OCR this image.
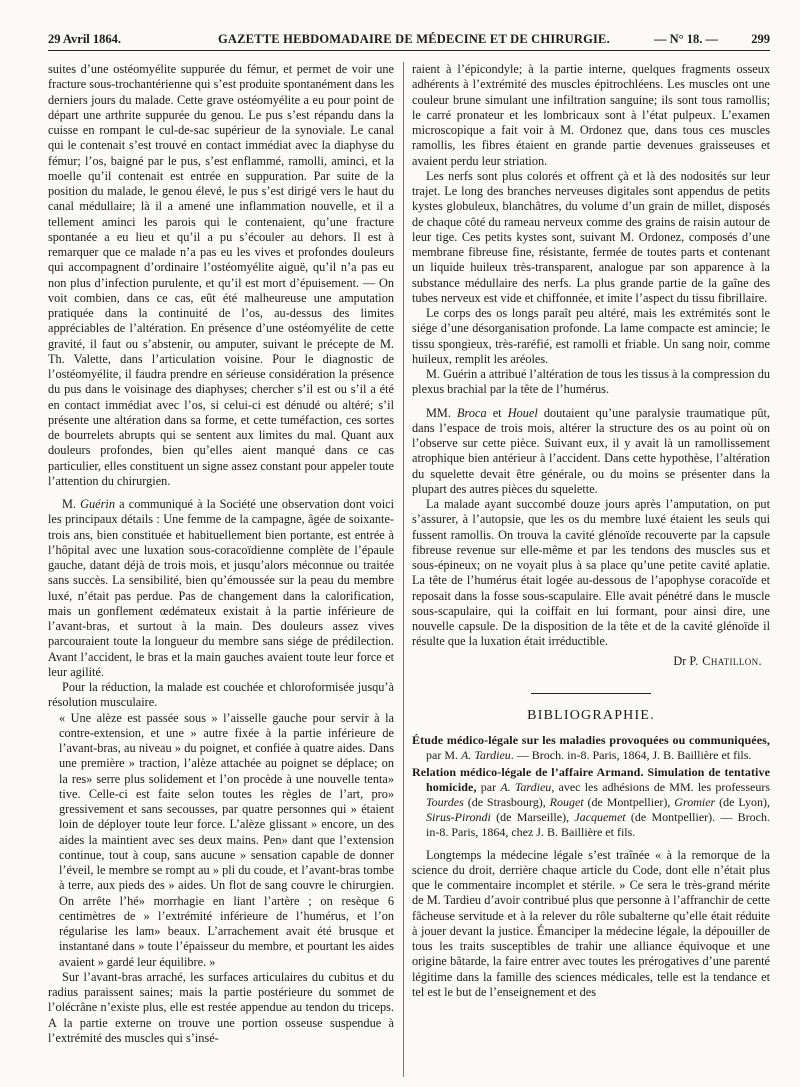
29 Avril 1864.	GAZETTE HEBDOMADAIRE DE MÉDECINE ET DE CHIRURGIE.	— N° 18. —	299

suites d’une ostéomyélite suppurée du fémur, et permet de voir une fracture sous-trochantérienne qui s’est produite spontanément dans les derniers jours du malade. Cette grave ostéomyélite a eu pour point de départ une arthrite suppurée du genou. Le pus s’est répandu dans la cuisse en rompant le cul-de-sac supérieur de la synoviale. Le canal qui le contenait s’est trouvé en contact immédiat avec la diaphyse du fémur; l’os, baigné par le pus, s’est enflammé, ramolli, aminci, et la moelle qu’il contenait est entrée en suppuration. Par suite de la position du malade, le genou élevé, le pus s’est dirigé vers le haut du canal médullaire; là il a amené une inflammation nouvelle, et il a tellement aminci les parois qui le contenaient, qu’une fracture spontanée a eu lieu et qu’il a pu s’écouler au dehors. Il est à remarquer que ce malade n’a pas eu les vives et profondes douleurs qui accompagnent d’ordinaire l’ostéomyélite aiguë, qu’il n’a pas eu non plus d’infection purulente, et qu’il est mort d’épuisement. — On voit combien, dans ce cas, eût été malheureuse une amputation pratiquée dans la continuité de l’os, au-dessus des limites appréciables de l’altération. En présence d’une ostéomyélite de cette gravité, il faut ou s’abstenir, ou amputer, suivant le précepte de M. Th. Valette, dans l’articulation voisine. Pour le diagnostic de l’ostéomyélite, il faudra prendre en sérieuse considération la présence du pus dans le voisinage des diaphyses; chercher s’il est ou s’il a été en contact immédiat avec l’os, si celui-ci est dénudé ou altéré; s’il présente une altération dans sa forme, et cette tuméfaction, ces sortes de bourrelets abrupts qui se sentent aux limites du mal. Quant aux douleurs profondes, bien qu’elles aient manqué dans ce cas particulier, elles constituent un signe assez constant pour appeler toute l’attention du chirurgien.

M. Guérin a communiqué à la Société une observation dont voici les principaux détails : Une femme de la campagne, âgée de soixante-trois ans, bien constituée et habituellement bien portante, est entrée à l’hôpital avec une luxation sous-coracoïdienne complète de l’épaule gauche, datant déjà de trois mois, et jusqu’alors méconnue ou traitée sans succès. La sensibilité, bien qu’émoussée sur la peau du membre luxé, n’était pas perdue. Pas de changement dans la calorification, mais un gonflement œdémateux existait à la partie inférieure de l’avant-bras, et surtout à la main. Des douleurs assez vives parcouraient toute la longueur du membre sans siége de prédilection. Avant l’accident, le bras et la main gauches avaient toute leur force et leur agilité.

Pour la réduction, la malade est couchée et chloroformisée jusqu’à résolution musculaire.

« Une alèze est passée sous » l’aisselle gauche pour servir à la contre-extension, et une » autre fixée à la partie inférieure de l’avant-bras, au niveau » du poignet, et confiée à quatre aides. Dans une première » traction, l’alèze attachée au poignet se déplace; on la res» serre plus solidement et l’on procède à une nouvelle tenta» tive. Celle-ci est faite selon toutes les règles de l’art, pro» gressivement et sans secousses, par quatre personnes qui » étaient loin de déployer toute leur force. L’alèze glissant » encore, un des aides la maintient avec ses deux mains. Pen» dant que l’extension continue, tout à coup, sans aucune » sensation capable de donner l’éveil, le membre se rompt au » pli du coude, et l’avant-bras tombe à terre, aux pieds des » aides. Un flot de sang couvre le chirurgien. On arrête l’hé» morrhagie en liant l’artère ; on resèque 6 centimètres de » l’extrémité inférieure de l’humérus, et l’on régularise les lam» beaux. L’arrachement avait été brusque et instantané dans » toute l’épaisseur du membre, et pourtant les aides avaient » gardé leur équilibre. »

Sur l’avant-bras arraché, les surfaces articulaires du cubitus et du radius paraissent saines; mais la partie postérieure du sommet de l’olécrâne n’existe plus, elle est restée appendue au tendon du triceps. A la partie externe on trouve une portion osseuse suspendue à l’extrémité des muscles qui s’insé-

raient à l’épicondyle; à la partie interne, quelques fragments osseux adhérents à l’extrémité des muscles épitrochléens. Les muscles ont une couleur brune simulant une infiltration sanguine; ils sont tous ramollis; le carré pronateur et les lombricaux sont à l’état pulpeux. L’examen microscopique a fait voir à M. Ordonez que, dans tous ces muscles ramollis, les fibres étaient en grande partie devenues graisseuses et avaient perdu leur striation.

Les nerfs sont plus colorés et offrent çà et là des nodosités sur leur trajet. Le long des branches nerveuses digitales sont appendus de petits kystes globuleux, blanchâtres, du volume d’un grain de millet, disposés de chaque côté du rameau nerveux comme des grains de raisin autour de leur tige. Ces petits kystes sont, suivant M. Ordonez, composés d’une membrane fibreuse fine, résistante, fermée de toutes parts et contenant un liquide huileux très-transparent, analogue par son apparence à la substance médullaire des nerfs. La plus grande partie de la gaîne des tubes nerveux est vide et chiffonnée, et imite l’aspect du tissu fibrillaire.

Le corps des os longs paraît peu altéré, mais les extrémités sont le siége d’une désorganisation profonde. La lame compacte est amincie; le tissu spongieux, très-raréfié, est ramolli et friable. Un sang noir, comme huileux, remplit les aréoles.

M. Guérin a attribué l’altération de tous les tissus à la compression du plexus brachial par la tête de l’humérus.

MM. Broca et Houel doutaient qu’une paralysie traumatique pût, dans l’espace de trois mois, altérer la structure des os au point où on l’observe sur cette pièce. Suivant eux, il y avait là un ramollissement atrophique bien antérieur à l’accident. Dans cette hypothèse, l’altération du squelette devait être générale, ou du moins se présenter dans la plupart des autres pièces du squelette.

La malade ayant succombé douze jours après l’amputation, on put s’assurer, à l’autopsie, que les os du membre luxé étaient les seuls qui fussent ramollis. On trouva la cavité glénoïde recouverte par la capsule fibreuse revenue sur elle-même et par les tendons des muscles sus et sous-épineux; on ne voyait plus à sa place qu’une petite cavité aplatie. La tête de l’humérus était logée au-dessous de l’apophyse coracoïde et reposait dans la fosse sous-scapulaire. Elle avait pénétré dans le muscle sous-scapulaire, qui la coiffait en lui formant, pour ainsi dire, une nouvelle capsule. De la disposition de la tête et de la cavité glénoïde il résulte que la luxation était irréductible.

Dr P. Chatillon.
BIBLIOGRAPHIE.

Étude médico-légale sur les maladies provoquées ou communiquées, par M. A. Tardieu. — Broch. in-8. Paris, 1864, J. B. Baillière et fils.

Relation médico-légale de l’affaire Armand. Simulation de tentative homicide, par A. Tardieu, avec les adhésions de MM. les professeurs Tourdes (de Strasbourg), Rouget (de Montpellier), Gromier (de Lyon), Sirus-Pirondi (de Marseille), Jacquemet (de Montpellier). — Broch. in-8. Paris, 1864, chez J. B. Baillière et fils.

Longtemps la médecine légale s’est traînée « à la remorque de la science du droit, derrière chaque article du Code, dont elle n’était plus que le commentaire incomplet et stérile. » Ce sera le très-grand mérite de M. Tardieu d’avoir contribué plus que personne à l’affranchir de cette fâcheuse servitude et à la relever du rôle subalterne qu’elle était réduite à jouer devant la justice. Émanciper la médecine légale, la dépouiller de tous les traits susceptibles de trahir une alliance équivoque et une origine bâtarde, la faire entrer avec toutes les prérogatives d’une parenté légitime dans la famille des sciences médicales, telle est la tendance et tel est le but de l’enseignement et des
